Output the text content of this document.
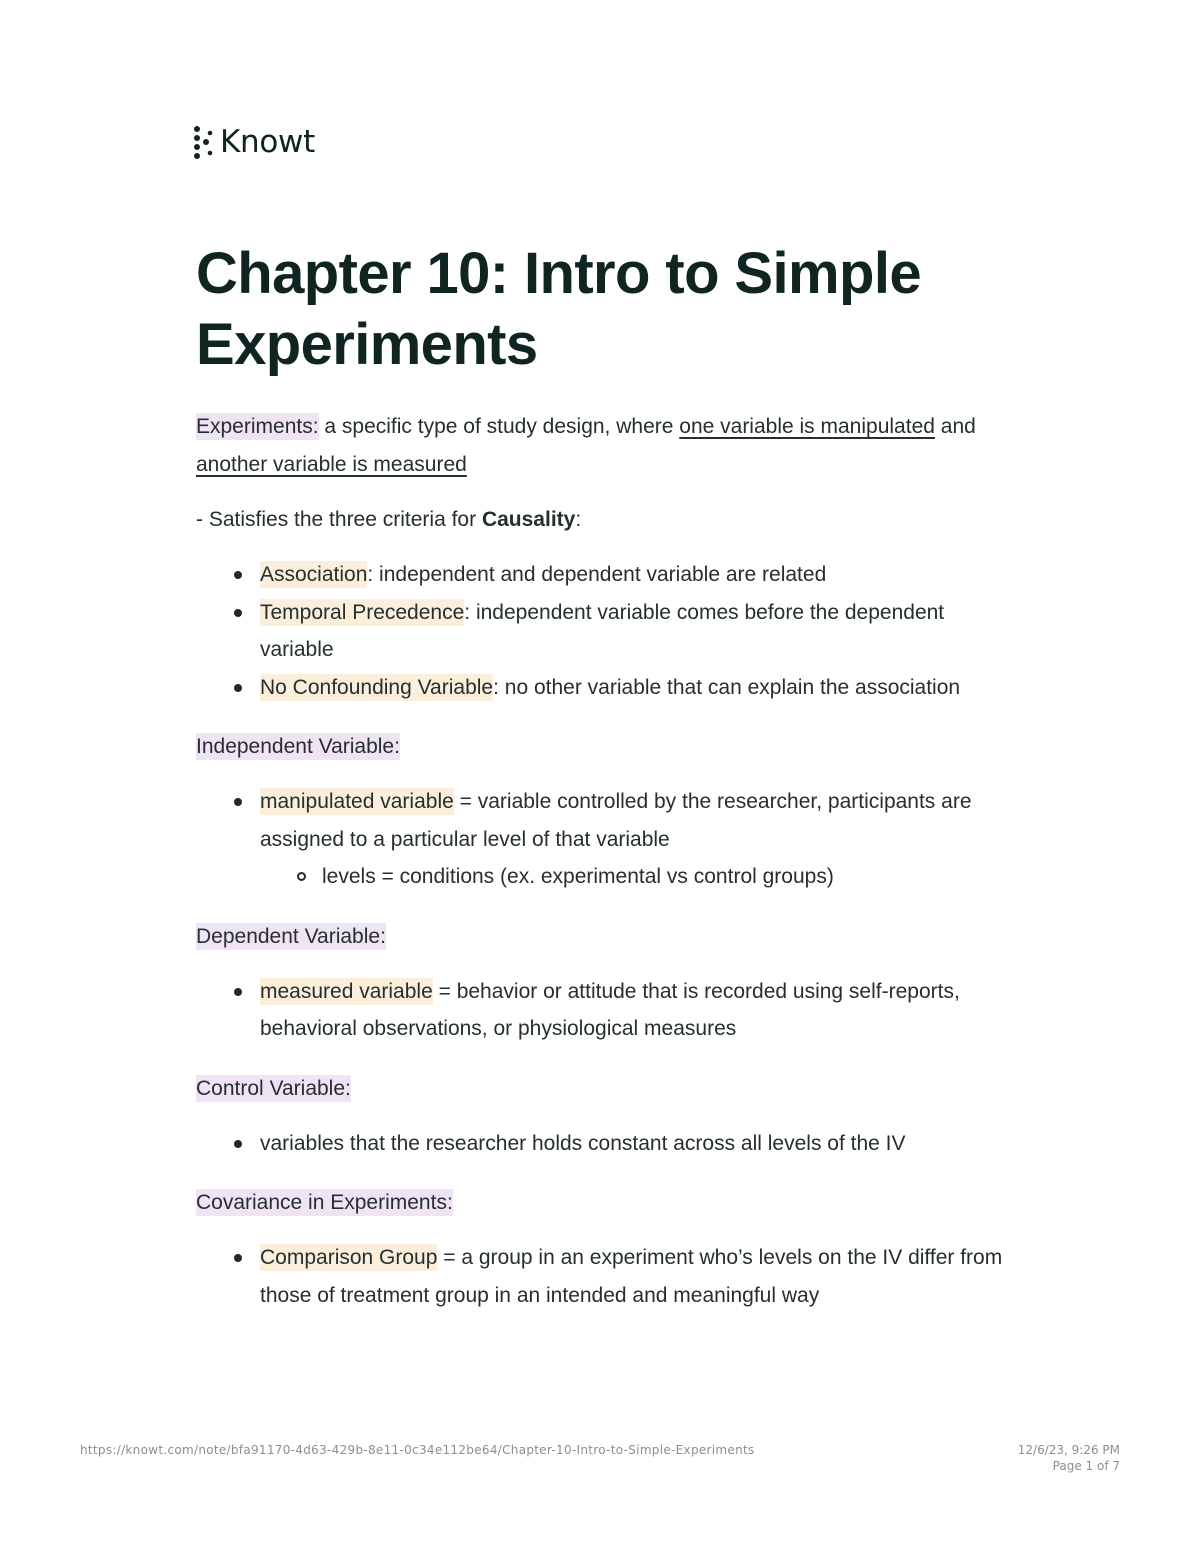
Knowt
Chapter 10: Intro to Simple Experiments

Experiments: a specific type of study design, where one variable is manipulated and another variable is measured

- Satisfies the three criteria for Causality:

Association: independent and dependent variable are related
Temporal Precedence: independent variable comes before the dependent variable
No Confounding Variable: no other variable that can explain the association

Independent Variable:

manipulated variable = variable controlled by the researcher, participants are assigned to a particular level of that variable
levels = conditions (ex. experimental vs control groups)

Dependent Variable:

measured variable = behavior or attitude that is recorded using self-reports, behavioral observations, or physiological measures

Control Variable:

variables that the researcher holds constant across all levels of the IV

Covariance in Experiments:

Comparison Group = a group in an experiment who’s levels on the IV differ from those of treatment group in an intended and meaningful way
https://knowt.com/note/bfa91170-4d63-429b-8e11-0c34e112be64/Chapter-10-Intro-to-Simple-Experiments	12/6/23, 9:26 PM
Page 1 of 7
